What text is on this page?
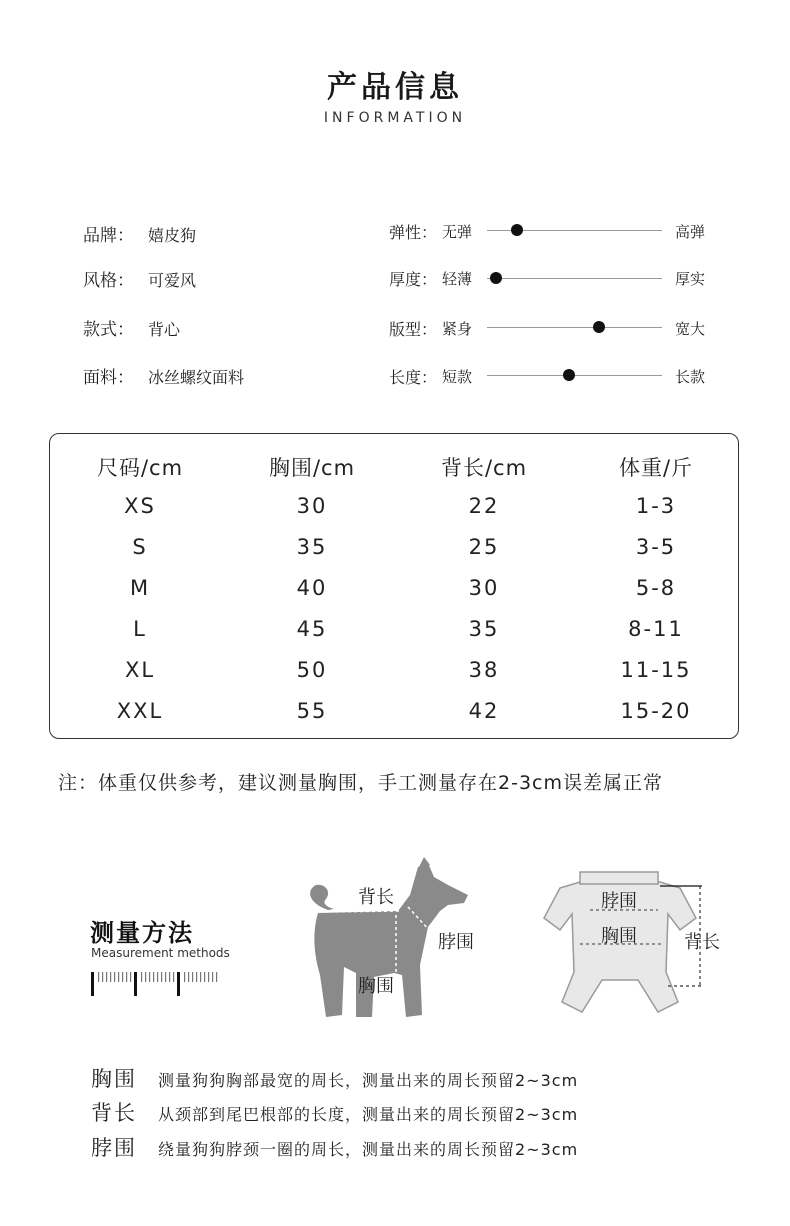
产品信息
INFORMATION
品牌： 嬉皮狗
风格： 可爱风
款式： 背心
面料： 冰丝螺纹面料
弹性： 无弹	高弹
厚度： 轻薄	厚实
版型： 紧身	宽大
长度： 短款	长款
尺码/cm	胸围/cm	背长/cm	体重/斤
XS	30	22	1-3
S	35	25	3-5
M	40	30	5-8
L	45	35	8-11
XL	50	38	11-15
XXL	55	42	15-20
注：体重仅供参考，建议测量胸围，手工测量存在2-3cm误差属正常
测量方法
Measurement methods
背长
脖围
胸围
脖围
胸围	背长
胸围 测量狗狗胸部最宽的周长，测量出来的周长预留2~3cm
背长 从颈部到尾巴根部的长度，测量出来的周长预留2~3cm
脖围 绕量狗狗脖颈一圈的周长，测量出来的周长预留2~3cm
